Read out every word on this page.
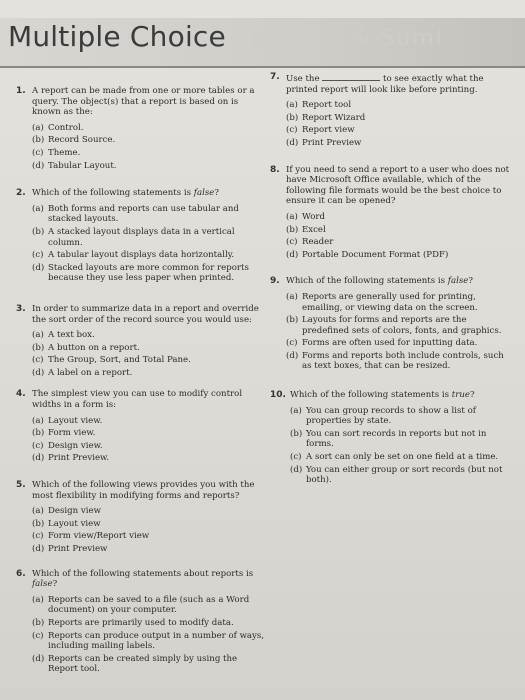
Multiple Choice printed & Sumi
1. A report can be made from one or more tables or a query. The object(s) that a report is based on is known as the:
(a) Control.
(b) Record Source.
(c) Theme.
(d) Tabular Layout.
2. Which of the following statements is false?
(a) Both forms and reports can use tabular and stacked layouts.
(b) A stacked layout displays data in a vertical column.
(c) A tabular layout displays data horizontally.
(d) Stacked layouts are more common for reports because they use less paper when printed.
3. In order to summarize data in a report and override the sort order of the record source you would use:
(a) A text box.
(b) A button on a report.
(c) The Group, Sort, and Total Pane.
(d) A label on a report.
4. The simplest view you can use to modify control widths in a form is:
(a) Layout view.
(b) Form view.
(c) Design view.
(d) Print Preview.
5. Which of the following views provides you with the most flexibility in modifying forms and reports?
(a) Design view
(b) Layout view
(c) Form view/Report view
(d) Print Preview
6. Which of the following statements about reports is false?
(a) Reports can be saved to a file (such as a Word document) on your computer.
(b) Reports are primarily used to modify data.
(c) Reports can produce output in a number of ways, including mailing labels.
(d) Reports can be created simply by using the Report tool.
7. Use the	to see exactly what the printed report will look like before printing.
(a) Report tool
(b) Report Wizard
(c) Report view
(d) Print Preview
8. If you need to send a report to a user who does not have Microsoft Office available, which of the following file formats would be the best choice to ensure it can be opened?
(a) Word
(b) Excel
(c) Reader
(d) Portable Document Format (PDF)
9. Which of the following statements is false?
(a) Reports are generally used for printing, emailing, or viewing data on the screen.
(b) Layouts for forms and reports are the predefined sets of colors, fonts, and graphics.
(c) Forms are often used for inputting data.
(d) Forms and reports both include controls, such as text boxes, that can be resized.
10. Which of the following statements is true?
(a) You can group records to show a list of properties by state.
(b) You can sort records in reports but not in forms.
(c) A sort can only be set on one field at a time.
(d) You can either group or sort records (but not both).
